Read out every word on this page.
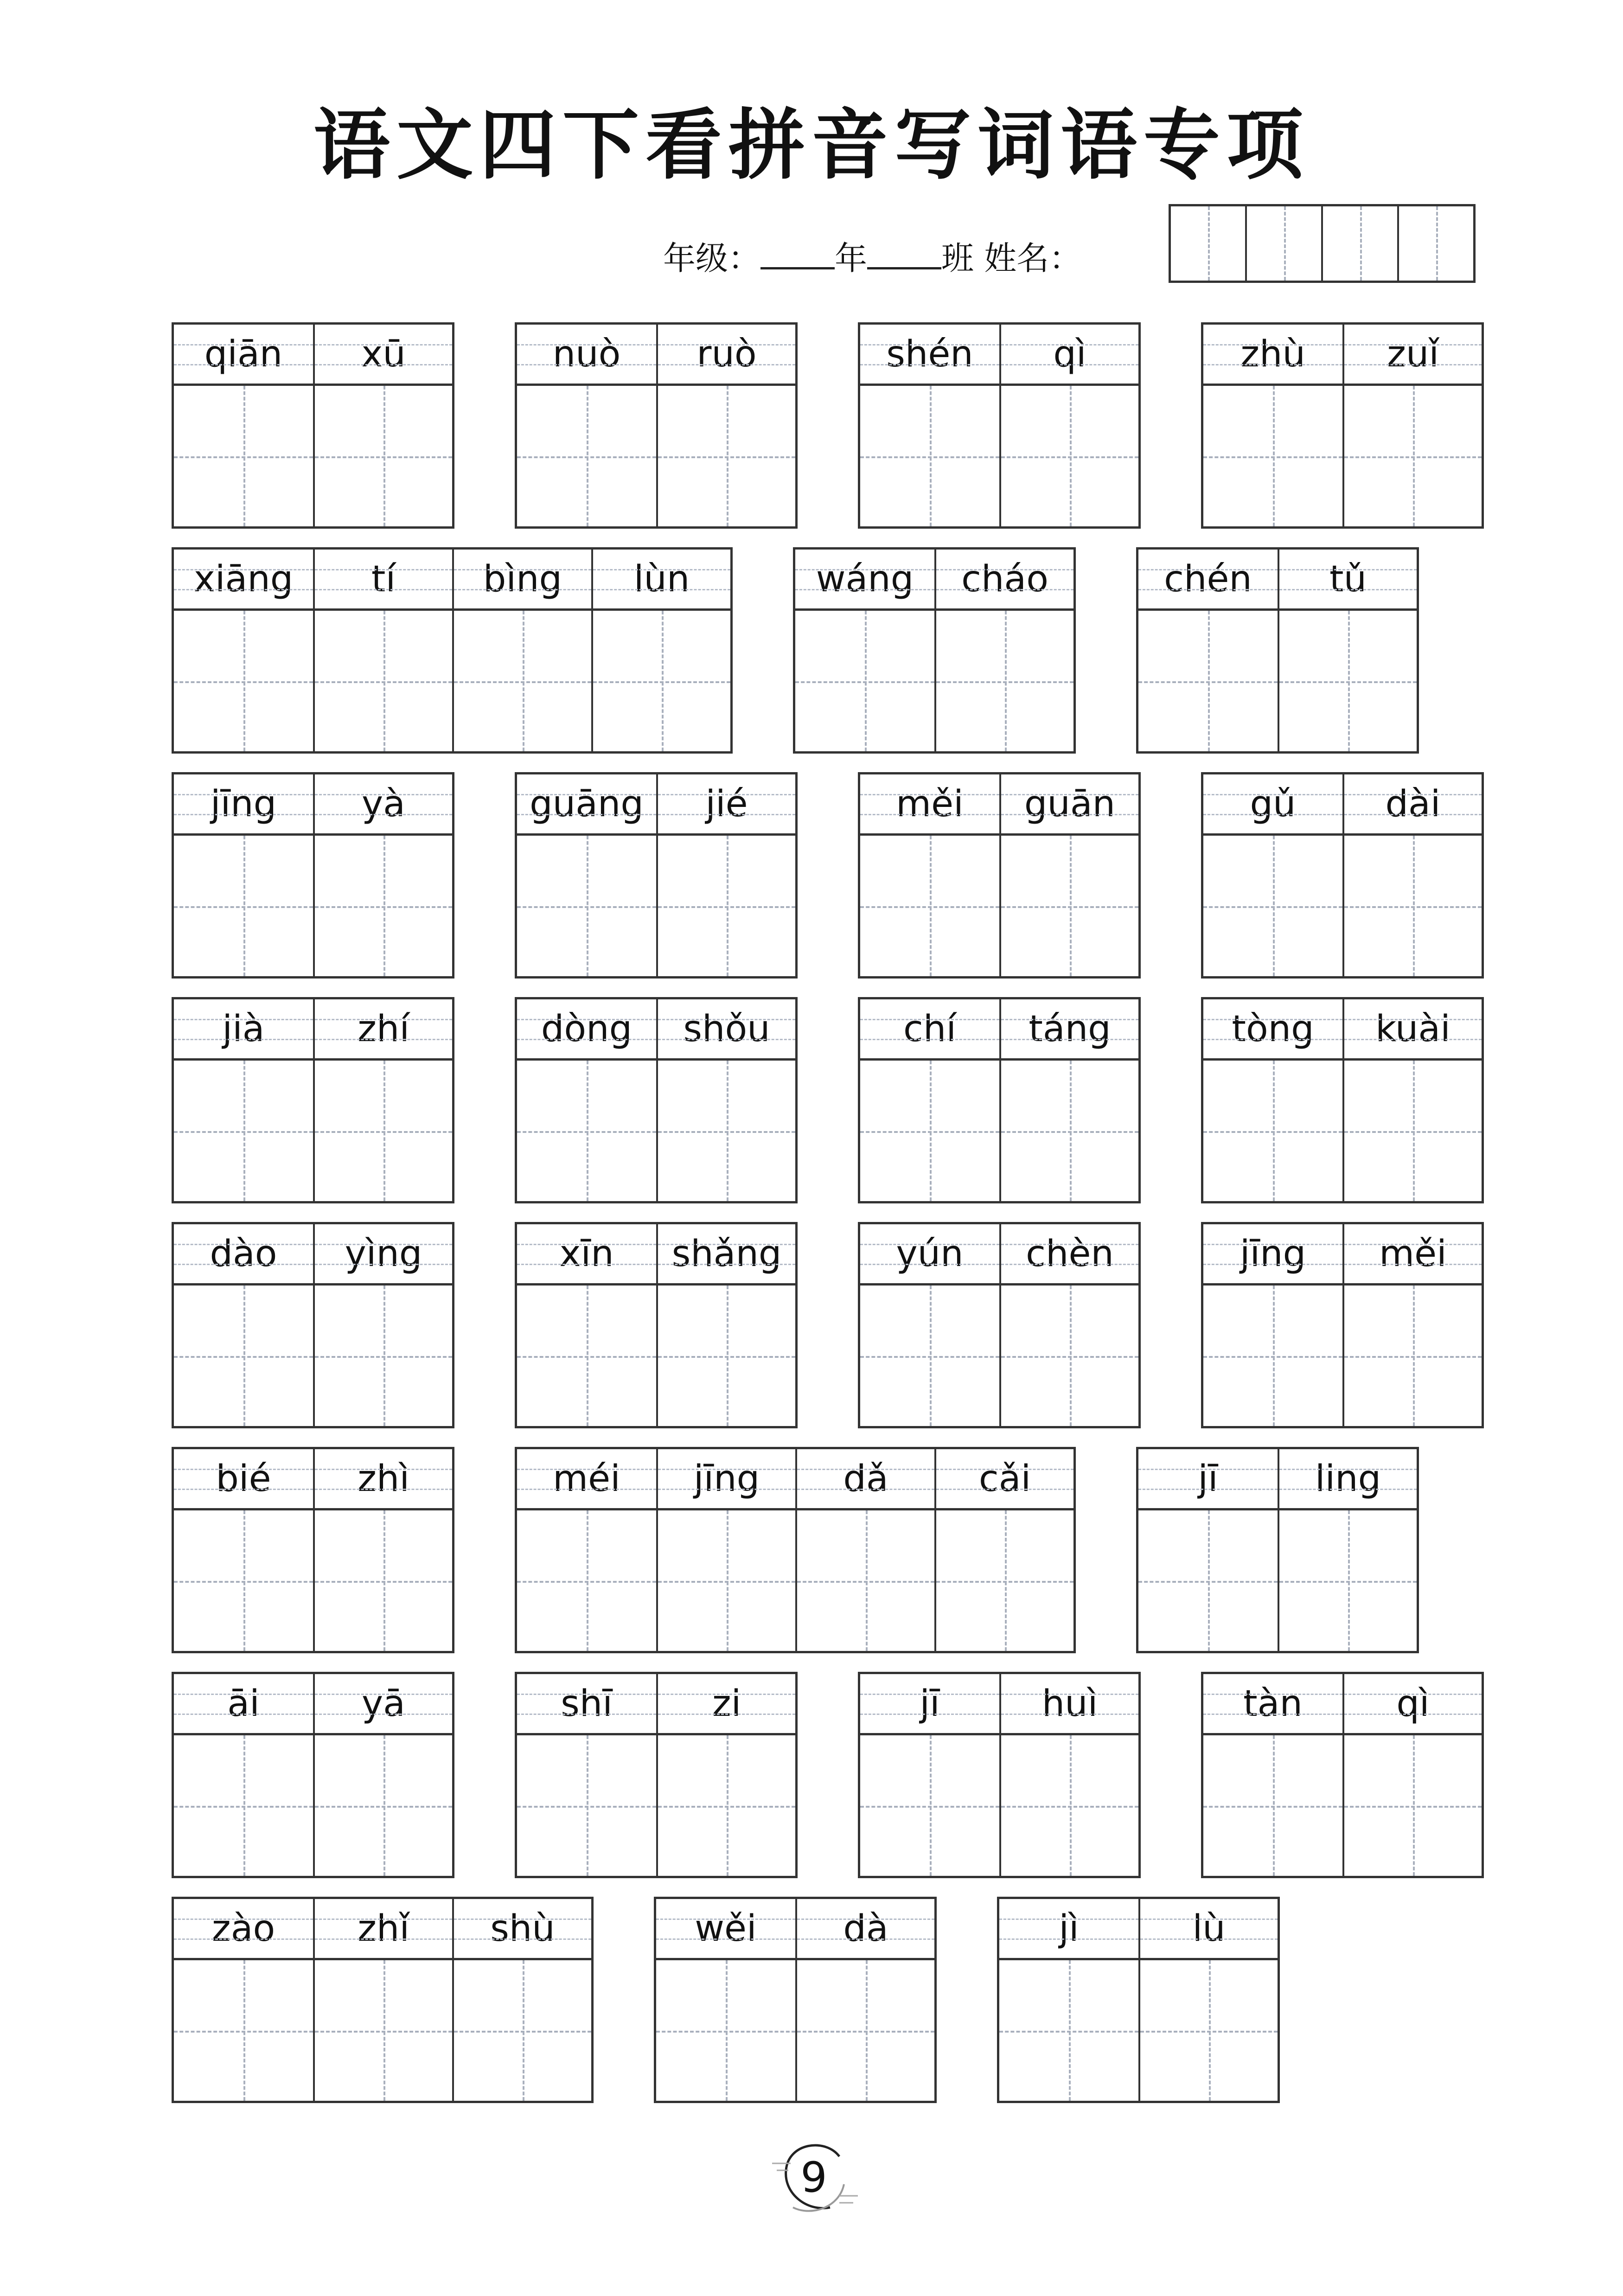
语文四下看拼音写词语专项
年级： 年 班 姓名：
qiān	xū	nuò	ruò	shén	qì	zhù	zuǐ
xiāng	tí	bìng	lùn	wáng	cháo	chén	tǔ
jīng	yà	guāng	jié	měi	guān	gǔ	dài
jià	zhí	dòng	shǒu	chí	táng	tòng	kuài
dào	yìng	xīn	shǎng	yún	chèn	jīng	měi
bié	zhì	méi	jīng	dǎ	cǎi	jī	ling
āi	yā	shī	zi	jī	huì	tàn	qì
zào	zhǐ	shù	wěi	dà	jì	lù
9
